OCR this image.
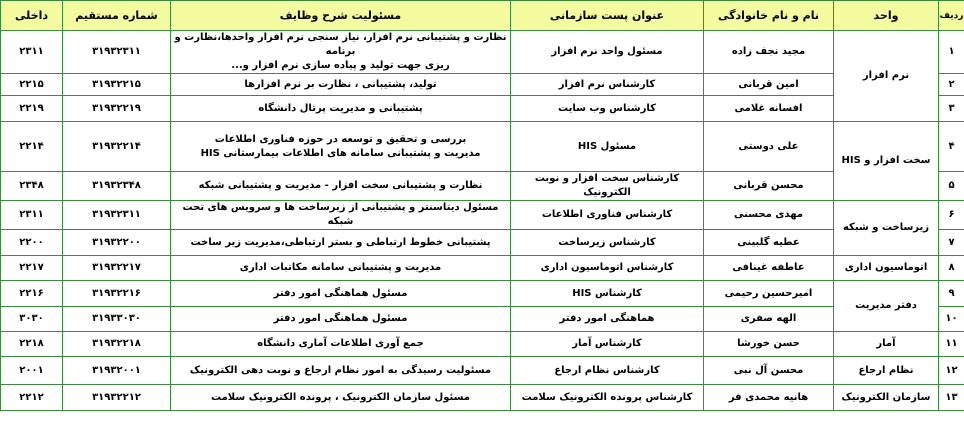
ردیف	واحد	نام و نام خانوادگی	عنوان پست سازمانی	مسئولیت شرح وظایف	شماره مستقیم	داخلی
۱	نرم افزار	مجید نجف زاده	مسئول واحد نرم افزار	نظارت و پشتیبانی نرم افزار، نیاز سنجی نرم افزار واحدها،نظارت و برنامه
ریزی جهت تولید و پیاده سازی نرم افزار و...	۳۱۹۳۲۳۱۱	۲۳۱۱
۲		امین قربانی	کارشناس نرم افزار	تولید، پشتیبانی ، نظارت بر نرم افزارها	۳۱۹۳۲۲۱۵	۲۲۱۵
۳		افسانه غلامی	کارشناس وب سایت	پشتیبانی و مدیریت پرتال دانشگاه	۳۱۹۳۲۲۱۹	۲۲۱۹
۴	سخت افزار و HIS	علی دوستی	مسئول HIS	بررسی و تحقیق و توسعه در حوزه فناوری اطلاعات
مدیریت و پشتیبانی سامانه های اطلاعات بیمارستانی HIS	۳۱۹۳۲۲۱۴	۲۲۱۴
۵		محسن قربانی	کارشناس سخت افزار و نوبت الکترونیک	نظارت و پشتیبانی سخت افزار - مدیریت و پشتیبانی شبکه	۳۱۹۳۲۳۴۸	۲۳۴۸
۶	زیرساخت و شبکه	مهدی محسنی	کارشناس فناوری اطلاعات	مسئول دیتاسنتر و پشتیبانی از زیرساخت ها و سرویس های تحت شبکه	۳۱۹۳۲۳۱۱	۲۳۱۱
۷		عطیه گلبینی	کارشناس زیرساخت	پشتیبانی خطوط ارتباطی و بستر ارتباطی،مدیریت زیر ساخت	۳۱۹۳۲۲۰۰	۲۲۰۰
۸	اتوماسیون اداری	عاطفه غینافی	کارشناس اتوماسیون اداری	مدیریت و پشتیبانی سامانه مکاتبات اداری	۳۱۹۳۲۲۱۷	۲۲۱۷
۹	دفتر مدیریت	امیرحسین رحیمی	کارشناس HIS	مسئول هماهنگی امور دفتر	۳۱۹۳۲۲۱۶	۲۲۱۶
۱۰		الهه صفری	هماهنگی امور دفتر	مسئول هماهنگی امور دفتر	۳۱۹۳۳۰۳۰	۳۰۳۰
۱۱	آمار	حسن خورشا	کارشناس آمار	جمع آوری اطلاعات آماری دانشگاه	۳۱۹۳۲۲۱۸	۲۲۱۸
۱۲	نظام ارجاع	محسن آل نبی	کارشناس نظام ارجاع	مسئولیت رسیدگی به امور نظام ارجاع و نوبت دهی الکترونیک	۳۱۹۳۲۰۰۱	۲۰۰۱
۱۳	سازمان الکترونیک	هانیه محمدی فر	کارشناس پرونده الکترونیک سلامت	مسئول سازمان الکترونیک ، پرونده الکترونیک سلامت	۳۱۹۳۲۲۱۲	۲۲۱۲
